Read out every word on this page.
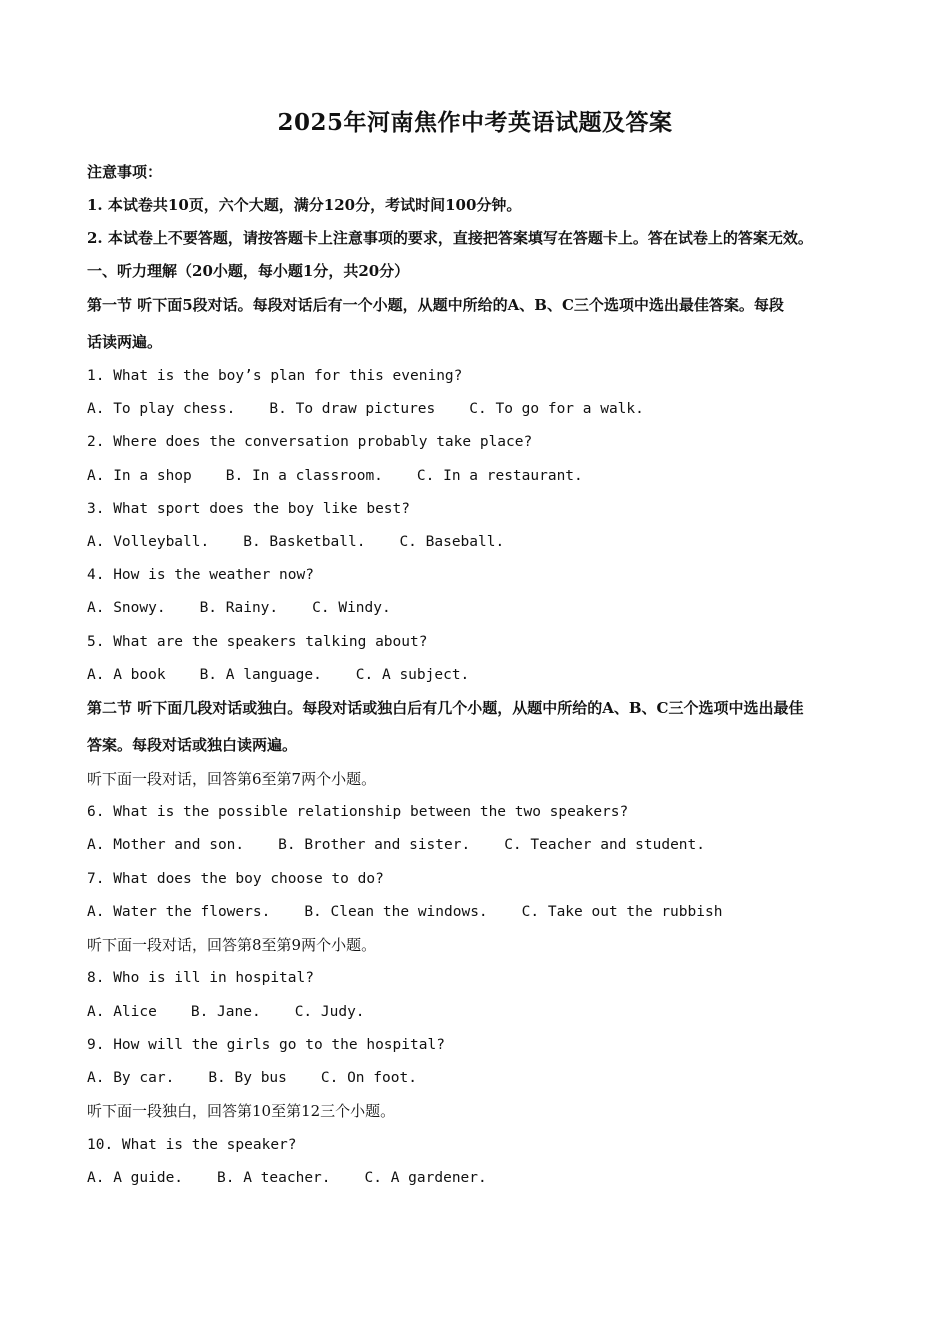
2025年河南焦作中考英语试题及答案
注意事项：
1. 本试卷共10页，六个大题，满分120分，考试时间100分钟。
2. 本试卷上不要答题，请按答题卡上注意事项的要求，直接把答案填写在答题卡上。答在试卷上的答案无效。
一、听力理解（20小题，每小题1分，共20分）
第一节 听下面5段对话。每段对话后有一个小题，从题中所给的A、B、C三个选项中选出最佳答案。每段
话读两遍。
1. What is the boy’s plan for this evening?
A. To play chess. B. To draw pictures C. To go for a walk.
2. Where does the conversation probably take place?
A. In a shop B. In a classroom. C. In a restaurant.
3. What sport does the boy like best?
A. Volleyball. B. Basketball. C. Baseball.
4. How is the weather now?
A. Snowy. B. Rainy. C. Windy.
5. What are the speakers talking about?
A. A book B. A language. C. A subject.
第二节 听下面几段对话或独白。每段对话或独白后有几个小题，从题中所给的A、B、C三个选项中选出最佳
答案。每段对话或独白读两遍。
听下面一段对话，回答第6至第7两个小题。
6. What is the possible relationship between the two speakers?
A. Mother and son. B. Brother and sister. C. Teacher and student.
7. What does the boy choose to do?
A. Water the flowers. B. Clean the windows. C. Take out the rubbish
听下面一段对话，回答第8至第9两个小题。
8. Who is ill in hospital?
A. Alice B. Jane. C. Judy.
9. How will the girls go to the hospital?
A. By car. B. By bus C. On foot.
听下面一段独白，回答第10至第12三个小题。
10. What is the speaker?
A. A guide. B. A teacher. C. A gardener.
